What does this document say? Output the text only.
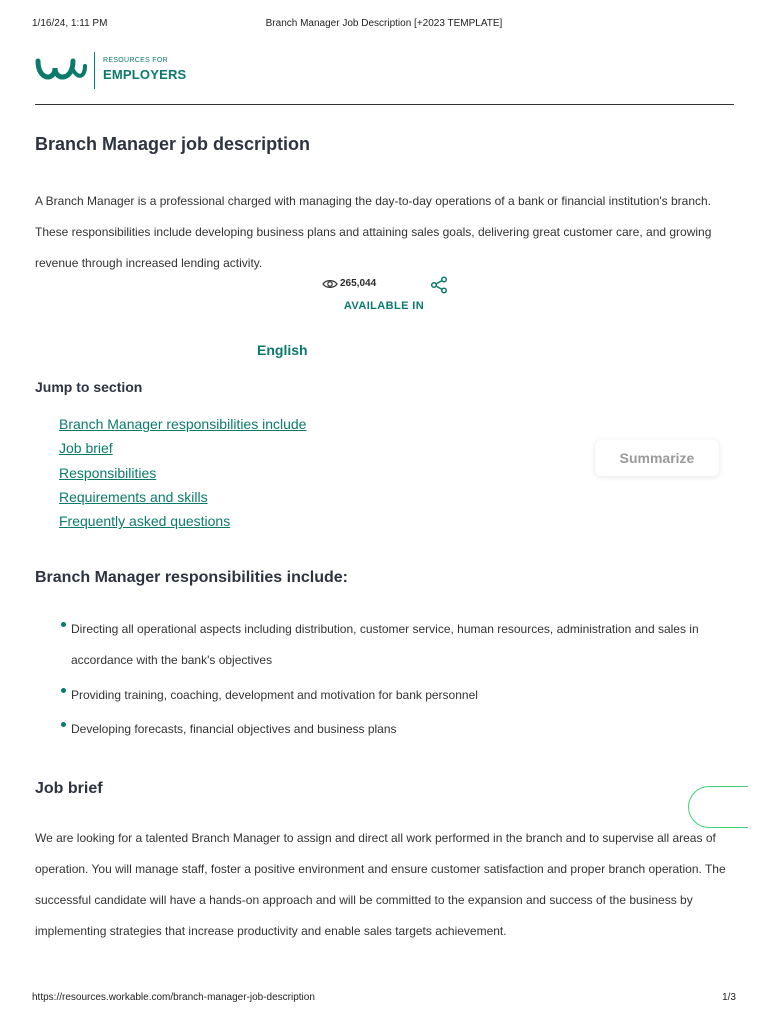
1/16/24, 1:11 PM	Branch Manager Job Description [+2023 TEMPLATE]
RESOURCES FOR
EMPLOYERS
Branch Manager job description

A Branch Manager is a professional charged with managing the day-to-day operations of a bank or financial institution's branch. These responsibilities include developing business plans and attaining sales goals, delivering great customer care, and growing revenue through increased lending activity.

265,044
AVAILABLE IN
English
Jump to section
Branch Manager responsibilities include
Job brief
Responsibilities
Requirements and skills
Frequently asked questions
Summarize
Branch Manager responsibilities include:
Directing all operational aspects including distribution, customer service, human resources, administration and sales in accordance with the bank's objectives
Providing training, coaching, development and motivation for bank personnel
Developing forecasts, financial objectives and business plans
Job brief

We are looking for a talented Branch Manager to assign and direct all work performed in the branch and to supervise all areas of operation. You will manage staff, foster a positive environment and ensure customer satisfaction and proper branch operation. The successful candidate will have a hands-on approach and will be committed to the expansion and success of the business by implementing strategies that increase productivity and enable sales targets achievement.

https://resources.workable.com/branch-manager-job-description	1/3
